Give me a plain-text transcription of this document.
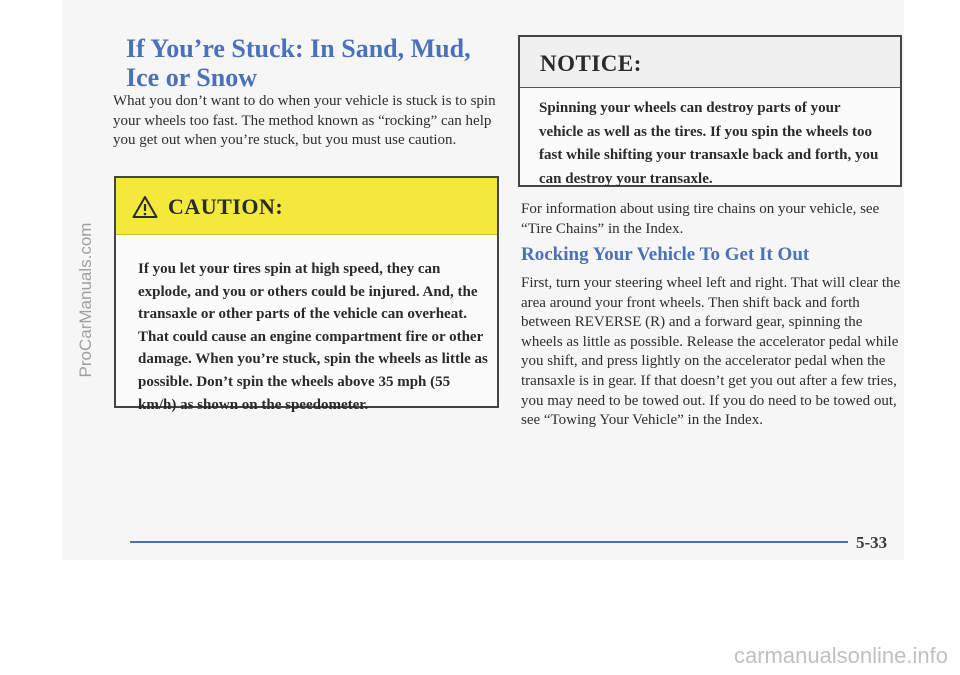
ProCarManuals.com
If You’re Stuck: In Sand, Mud,
Ice or Snow

What you don’t want to do when your vehicle is stuck is to spin your wheels too fast. The method known as “rocking” can help you get out when you’re stuck, but you must use caution.

CAUTION:

If you let your tires spin at high speed, they can explode, and you or others could be injured. And, the transaxle or other parts of the vehicle can overheat. That could cause an engine compartment fire or other damage. When you’re stuck, spin the wheels as little as possible. Don’t spin the wheels above 35 mph (55 km/h) as shown on the speedometer.

NOTICE:

Spinning your wheels can destroy parts of your vehicle as well as the tires. If you spin the wheels too fast while shifting your transaxle back and forth, you can destroy your transaxle.

For information about using tire chains on your vehicle, see “Tire Chains” in the Index.

Rocking Your Vehicle To Get It Out

First, turn your steering wheel left and right. That will clear the area around your front wheels. Then shift back and forth between REVERSE (R) and a forward gear, spinning the wheels as little as possible. Release the accelerator pedal while you shift, and press lightly on the accelerator pedal when the transaxle is in gear. If that doesn’t get you out after a few tries, you may need to be towed out. If you do need to be towed out, see “Towing Your Vehicle” in the Index.

5-33
carmanualsonline.info
